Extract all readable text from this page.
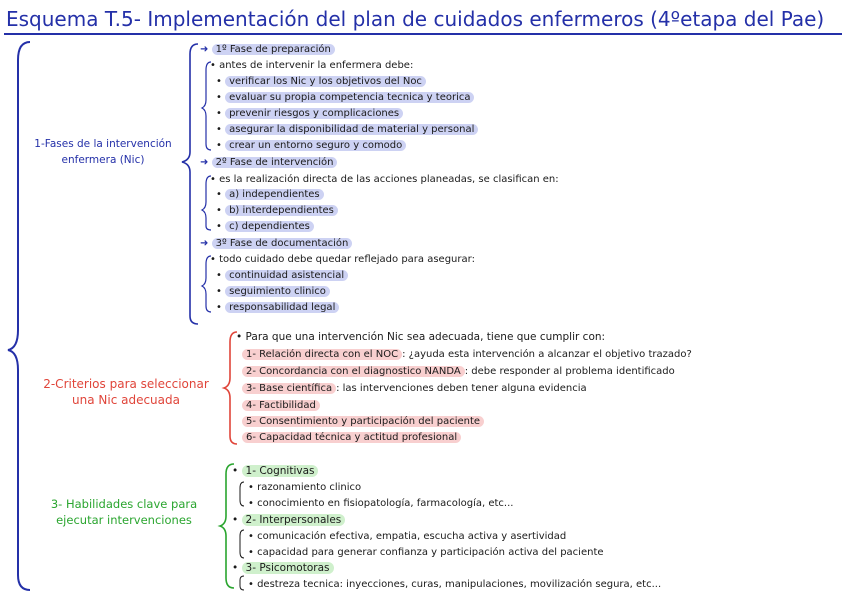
Esquema T.5- Implementación del plan de cuidados enfermeros (4ºetapa del Pae)
1-Fases de la intervención
enfermera (Nic)
2-Criterios para seleccionar
una Nic adecuada
3- Habilidades clave para
ejecutar intervenciones
➜ 1º Fase de preparación
• antes de intervenir la enfermera debe:
• verificar los Nic y los objetivos del Noc
• evaluar su propia competencia tecnica y teorica
• prevenir riesgos y complicaciones
• asegurar la disponibilidad de material y personal
• crear un entorno seguro y comodo
➜ 2º Fase de intervención
• es la realización directa de las acciones planeadas, se clasifican en:
• a) independientes
• b) interdependientes
• c) dependientes
➜ 3º Fase de documentación
• todo cuidado debe quedar reflejado para asegurar:
• continuidad asistencial
• seguimiento clinico
• responsabilidad legal
• Para que una intervención Nic sea adecuada, tiene que cumplir con:
1- Relación directa con el NOC : ¿ayuda esta intervención a alcanzar el objetivo trazado?
2- Concordancia con el diagnostico NANDA : debe responder al problema identificado
3- Base científica : las intervenciones deben tener alguna evidencia
4- Factibilidad
5- Consentimiento y participación del paciente
6- Capacidad técnica y actitud profesional
• 1- Cognitivas
• razonamiento clinico
• conocimiento en fisiopatología, farmacología, etc...
• 2- Interpersonales
• comunicación efectiva, empatia, escucha activa y asertividad
• capacidad para generar confianza y participación activa del paciente
• 3- Psicomotoras
• destreza tecnica: inyecciones, curas, manipulaciones, movilización segura, etc...
